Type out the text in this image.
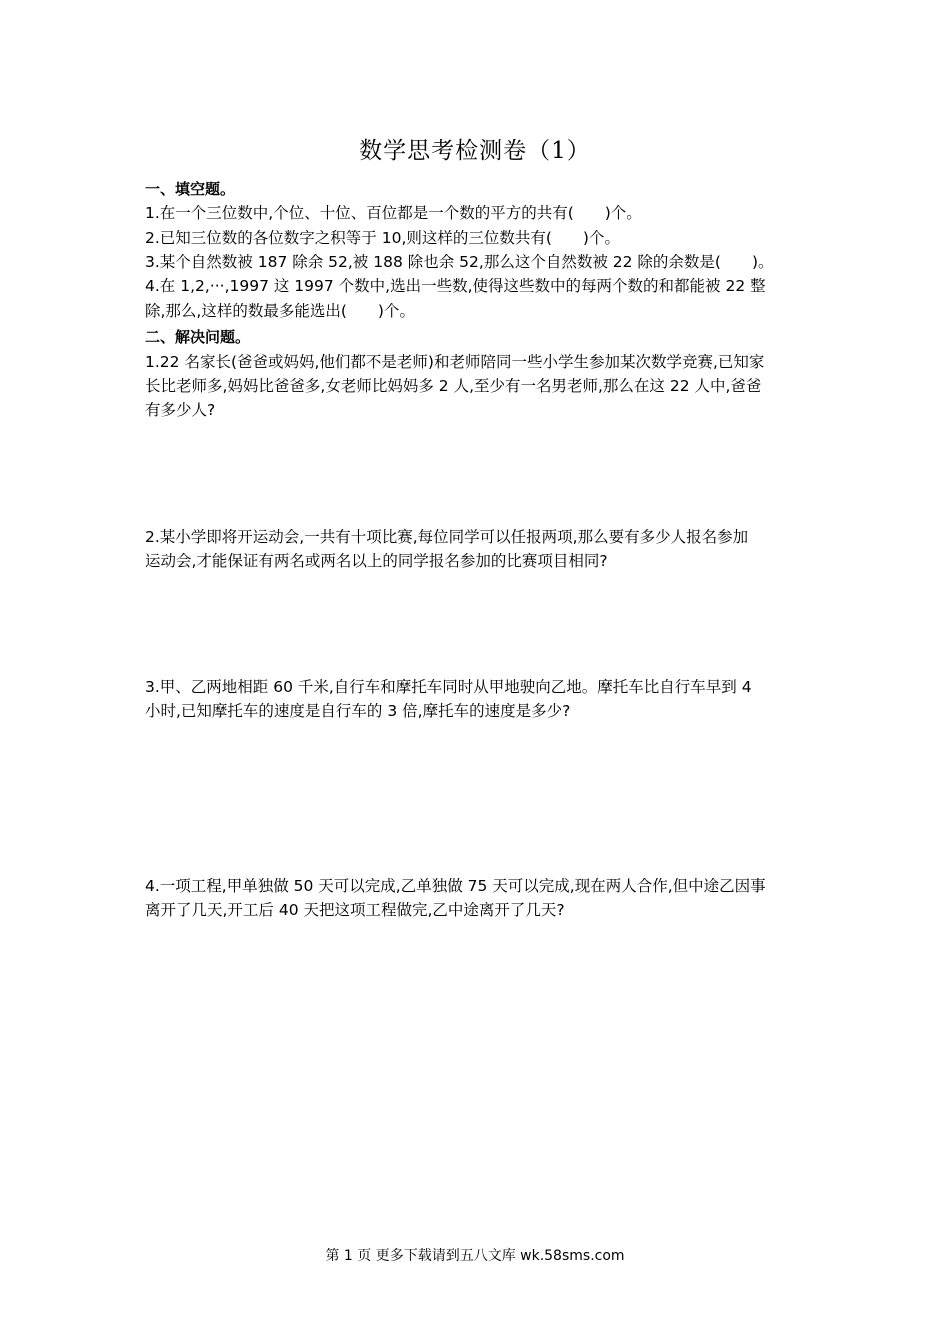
数学思考检测卷（1）
一、填空题。
1.在一个三位数中,个位、十位、百位都是一个数的平方的共有(　　)个。
2.已知三位数的各位数字之积等于 10,则这样的三位数共有(　　)个。
3.某个自然数被 187 除余 52,被 188 除也余 52,那么这个自然数被 22 除的余数是(　　)。
4.在 1,2,···,1997 这 1997 个数中,选出一些数,使得这些数中的每两个数的和都能被 22 整
除,那么,这样的数最多能选出(　　)个。
二、解决问题。
1.22 名家长(爸爸或妈妈,他们都不是老师)和老师陪同一些小学生参加某次数学竞赛,已知家
长比老师多,妈妈比爸爸多,女老师比妈妈多 2 人,至少有一名男老师,那么在这 22 人中,爸爸
有多少人?
2.某小学即将开运动会,一共有十项比赛,每位同学可以任报两项,那么要有多少人报名参加
运动会,才能保证有两名或两名以上的同学报名参加的比赛项目相同?
3.甲、乙两地相距 60 千米,自行车和摩托车同时从甲地驶向乙地。摩托车比自行车早到 4
小时,已知摩托车的速度是自行车的 3 倍,摩托车的速度是多少?
4.一项工程,甲单独做 50 天可以完成,乙单独做 75 天可以完成,现在两人合作,但中途乙因事
离开了几天,开工后 40 天把这项工程做完,乙中途离开了几天?
第 1 页 更多下载请到五八文库 wk.58sms.com
